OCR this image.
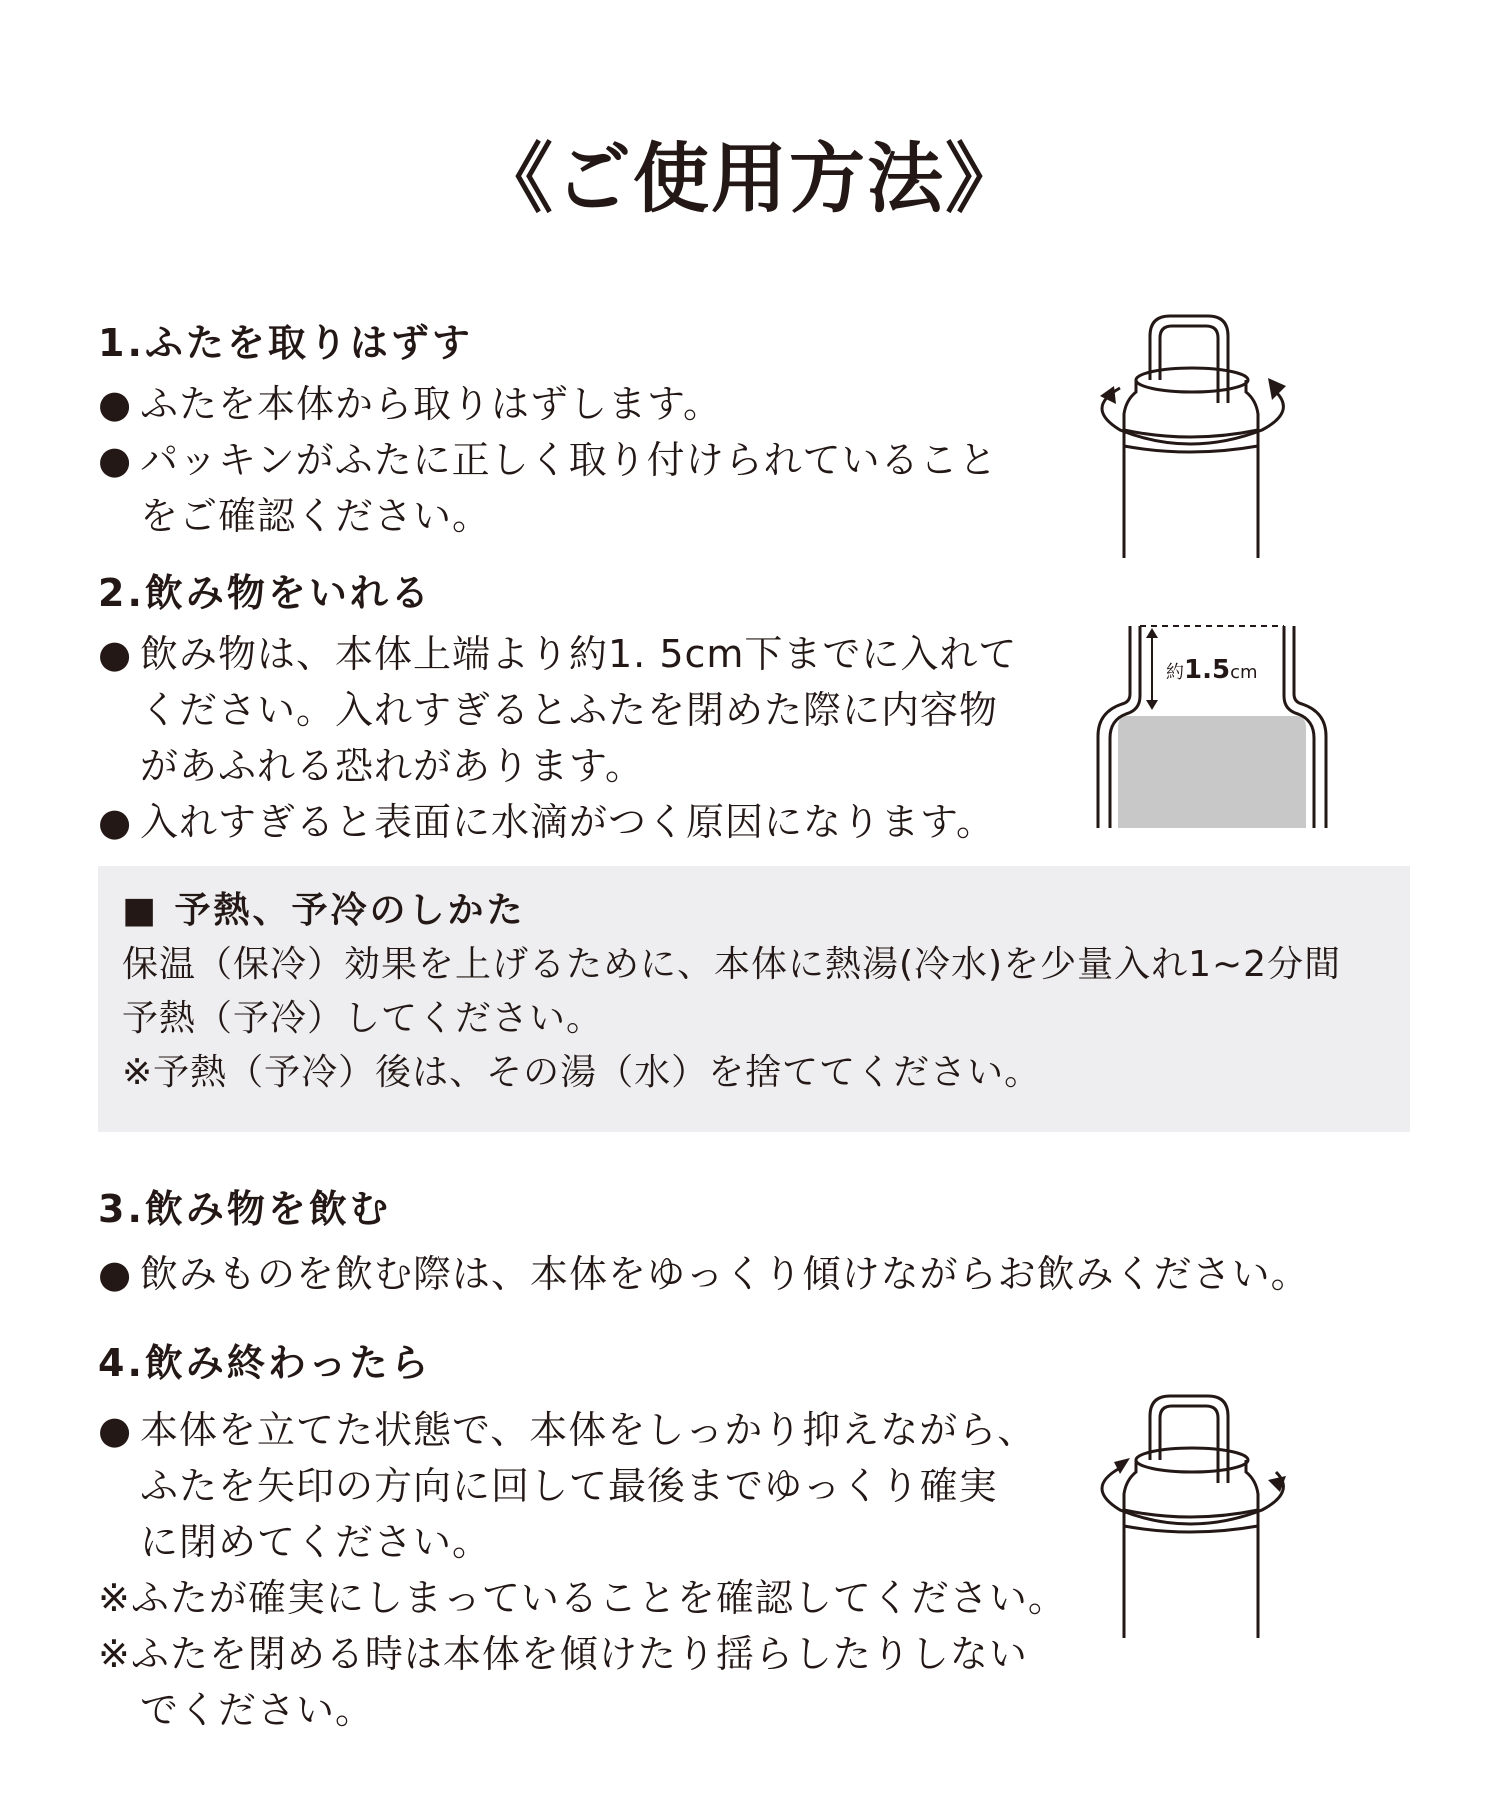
《ご使用方法》
1.ふたを取りはずす
● ふたを本体から取りはずします。
● パッキンがふたに正しく取り付けられていること
をご確認ください。
2.飲み物をいれる
● 飲み物は、本体上端より約1. 5cm下までに入れて
ください。入れすぎるとふたを閉めた際に内容物
があふれる恐れがあります。
● 入れすぎると表面に水滴がつく原因になります。
約1.5cm
■ 予熱、予冷のしかた
保温（保冷）効果を上げるために、本体に熱湯(冷水)を少量入れ1~2分間
予熱（予冷）してください。
※予熱（予冷）後は、その湯（水）を捨ててください。
3.飲み物を飲む
● 飲みものを飲む際は、本体をゆっくり傾けながらお飲みください。
4.飲み終わったら
● 本体を立てた状態で、本体をしっかり抑えながら、
ふたを矢印の方向に回して最後までゆっくり確実
に閉めてください。
※ふたが確実にしまっていることを確認してください。
※ふたを閉める時は本体を傾けたり揺らしたりしない
でください。
